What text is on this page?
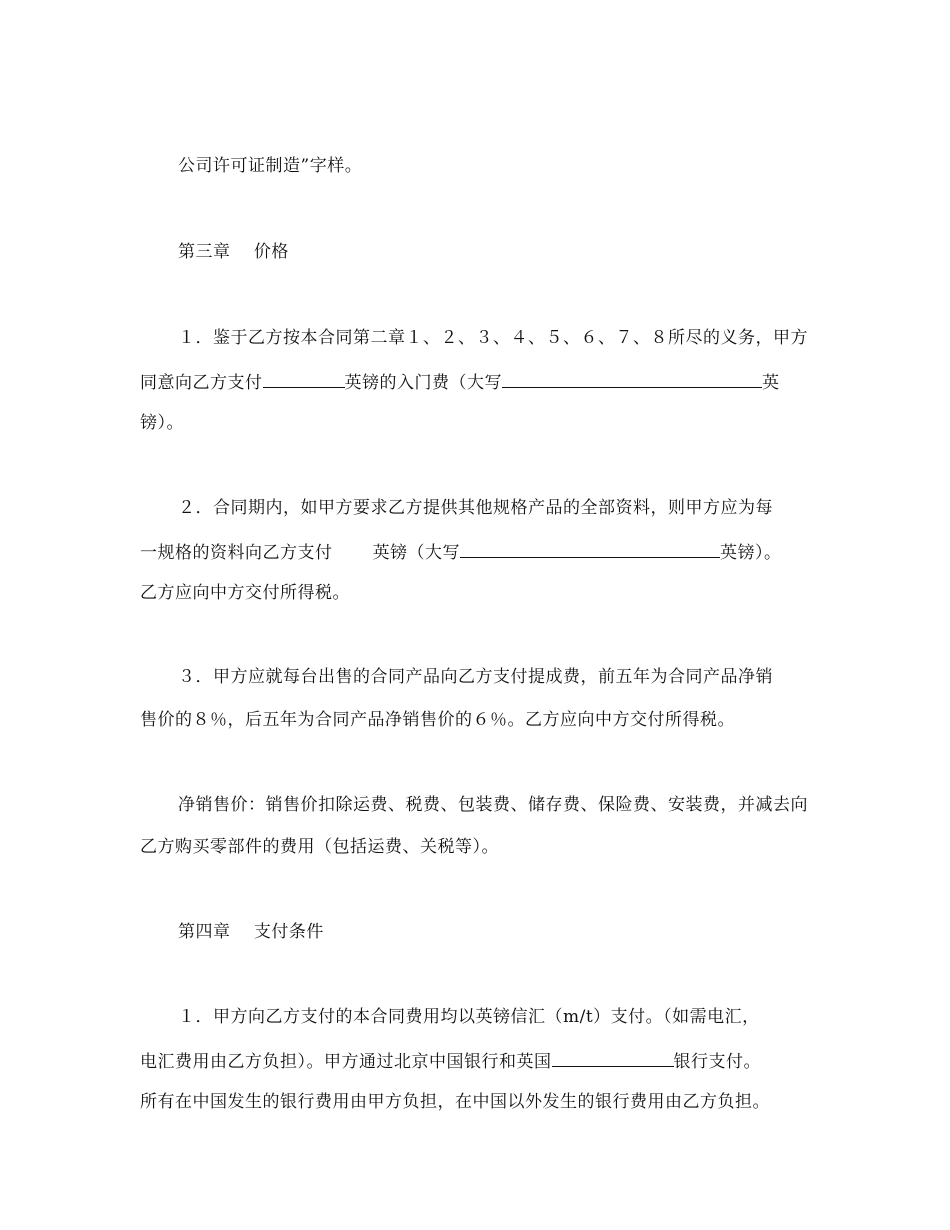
公司许可证制造”字样。
第三章　 价格
１．鉴于乙方按本合同第二章１、２、３、４、５、６、７、８所尽的义务，甲方
同意向乙方支付	英镑的入门费（大写	英
镑）。
２．合同期内，如甲方要求乙方提供其他规格产品的全部资料，则甲方应为每
一规格的资料向乙方支付 英镑（大写	英镑）。
乙方应向中方交付所得税。
３．甲方应就每台出售的合同产品向乙方支付提成费，前五年为合同产品净销
售价的８％，后五年为合同产品净销售价的６％。乙方应向中方交付所得税。
净销售价：销售价扣除运费、税费、包装费、储存费、保险费、安装费，并减去向
乙方购买零部件的费用（包括运费、关税等）。
第四章　 支付条件
１．甲方向乙方支付的本合同费用均以英镑信汇（m/t）支付。（如需电汇，
电汇费用由乙方负担）。甲方通过北京中国银行和英国	银行支付。
所有在中国发生的银行费用由甲方负担，在中国以外发生的银行费用由乙方负担。
